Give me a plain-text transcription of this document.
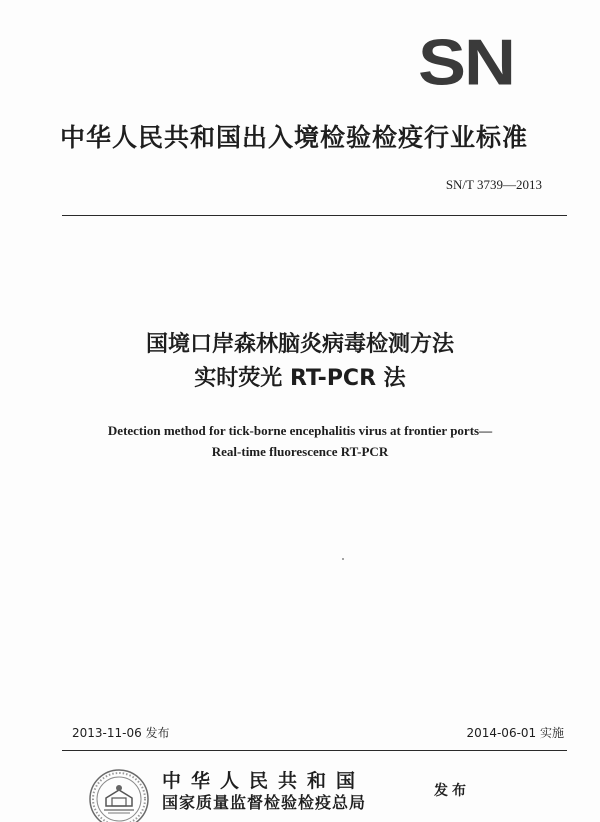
SN
中华人民共和国出入境检验检疫行业标准
SN/T 3739—2013
国境口岸森林脑炎病毒检测方法
实时荧光 RT-PCR 法
Detection method for tick-borne encephalitis virus at frontier ports—
Real-time fluorescence RT-PCR
2013-11-06 发布	2014-06-01 实施
中华人民共和国
国家质量监督检验检疫总局
发布
